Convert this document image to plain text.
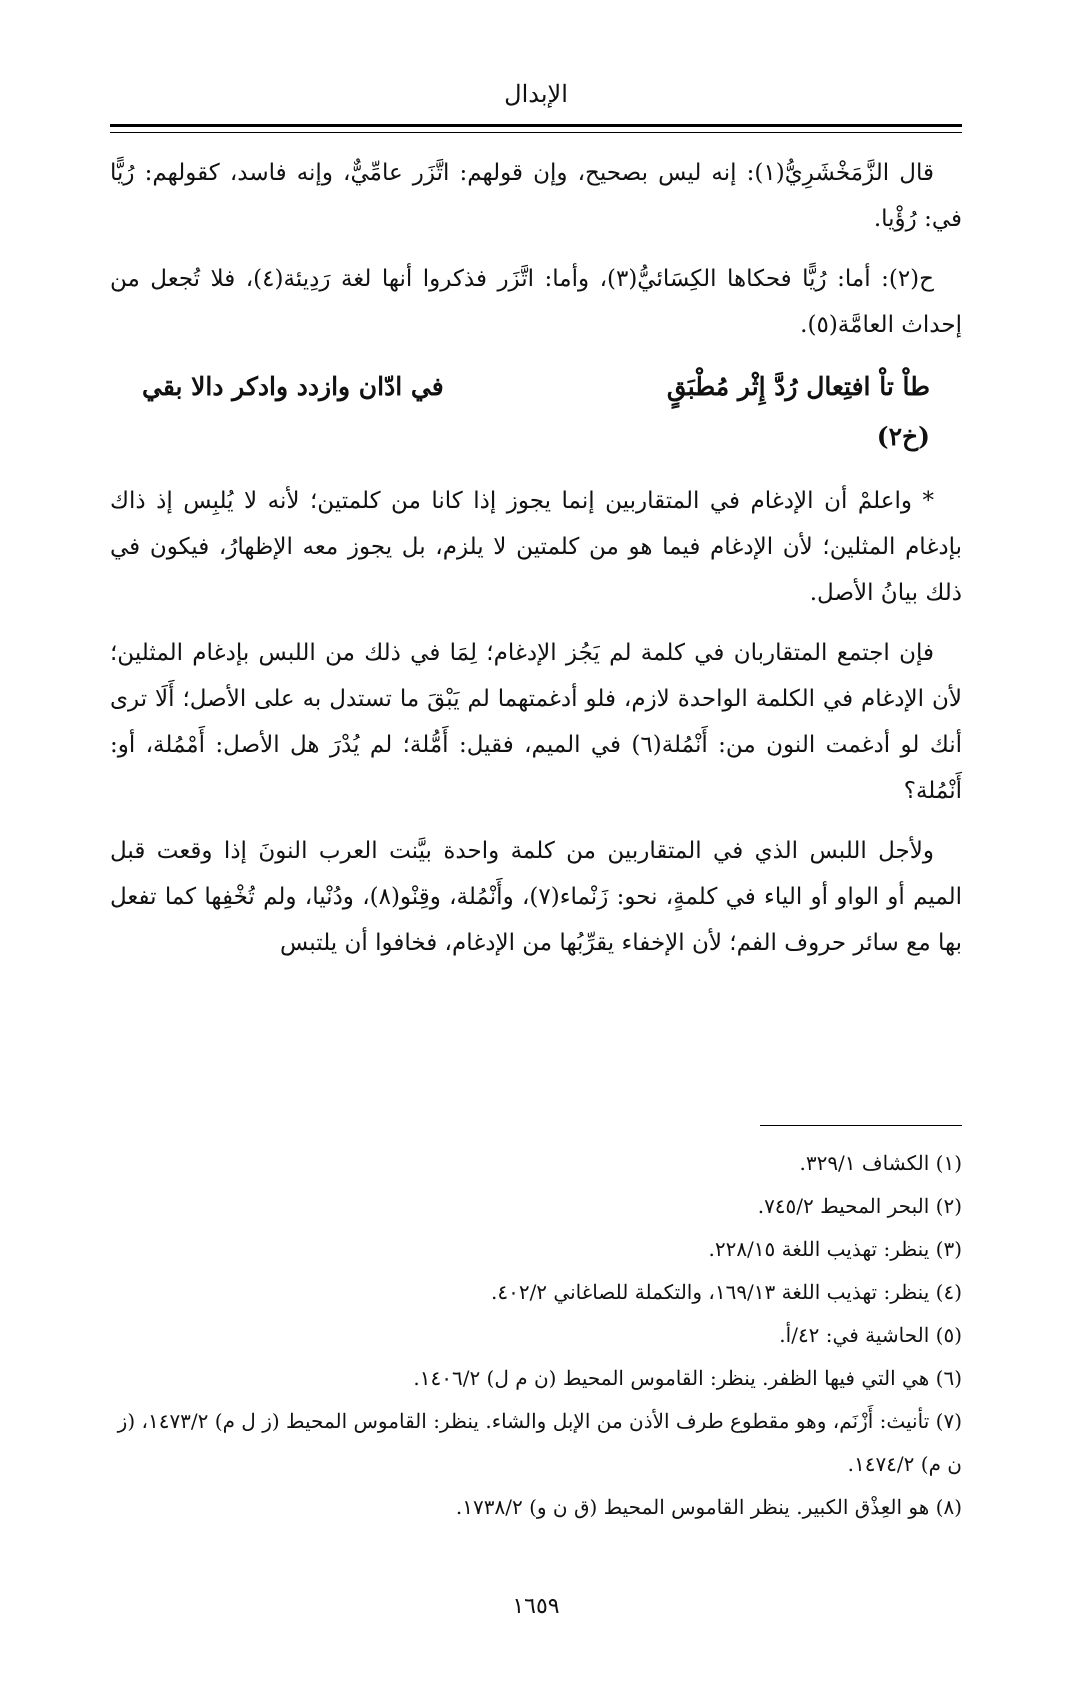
الإبدال

قال الزَّمَخْشَرِيُّ(١): إنه ليس بصحيح، وإن قولهم: اتَّزَر عامِّيٌّ، وإنه فاسد، كقولهم: رُيًّا في: رُؤْيا.

ح(٢): أما: رُيًّا فحكاها الكِسَائيُّ(٣)، وأما: اتَّزَر فذكروا أنها لغة رَدِيئة(٤)، فلا تُجعل من إحداث العامَّة(٥).

طاْ تاْ افتِعال رُدَّ إِثْر مُطْبَقٍ
في ادّان وازدد وادكر دالا بقي
(خ٢)

* واعلمْ أن الإدغام في المتقاربين إنما يجوز إذا كانا من كلمتين؛ لأنه لا يُلبِس إذ ذاك بإدغام المثلين؛ لأن الإدغام فيما هو من كلمتين لا يلزم، بل يجوز معه الإظهارُ، فيكون في ذلك بيانُ الأصل.

فإن اجتمع المتقاربان في كلمة لم يَجُز الإدغام؛ لِمَا في ذلك من اللبس بإدغام المثلين؛ لأن الإدغام في الكلمة الواحدة لازم، فلو أدغمتهما لم يَبْقَ ما تستدل به على الأصل؛ أَلَا ترى أنك لو أدغمت النون من: أَنْمُلة(٦) في الميم، فقيل: أَمُّلة؛ لم يُدْرَ هل الأصل: أَمْمُلة، أو: أَنْمُلة؟

ولأجل اللبس الذي في المتقاربين من كلمة واحدة بيَّنت العرب النونَ إذا وقعت قبل الميم أو الواو أو الياء في كلمةٍ، نحو: زَنْماء(٧)، وأَنْمُلة، وقِنْو(٨)، ودُنْيا، ولم تُخْفِها كما تفعل بها مع سائر حروف الفم؛ لأن الإخفاء يقرِّبُها من الإدغام، فخافوا أن يلتبس

(١) الكشاف ٣٢٩/١.

(٢) البحر المحيط ٧٤٥/٢.

(٣) ينظر: تهذيب اللغة ٢٢٨/١٥.

(٤) ينظر: تهذيب اللغة ١٦٩/١٣، والتكملة للصاغاني ٤٠٢/٢.

(٥) الحاشية في: ٤٢/أ.

(٦) هي التي فيها الظفر. ينظر: القاموس المحيط (ن م ل) ١٤٠٦/٢.

(٧) تأنيث: أَزْنَم، وهو مقطوع طرف الأذن من الإبل والشاء. ينظر: القاموس المحيط (ز ل م) ١٤٧٣/٢، (ز ن م) ١٤٧٤/٢.

(٨) هو العِذْق الكبير. ينظر القاموس المحيط (ق ن و) ١٧٣٨/٢.

١٦٥٩
